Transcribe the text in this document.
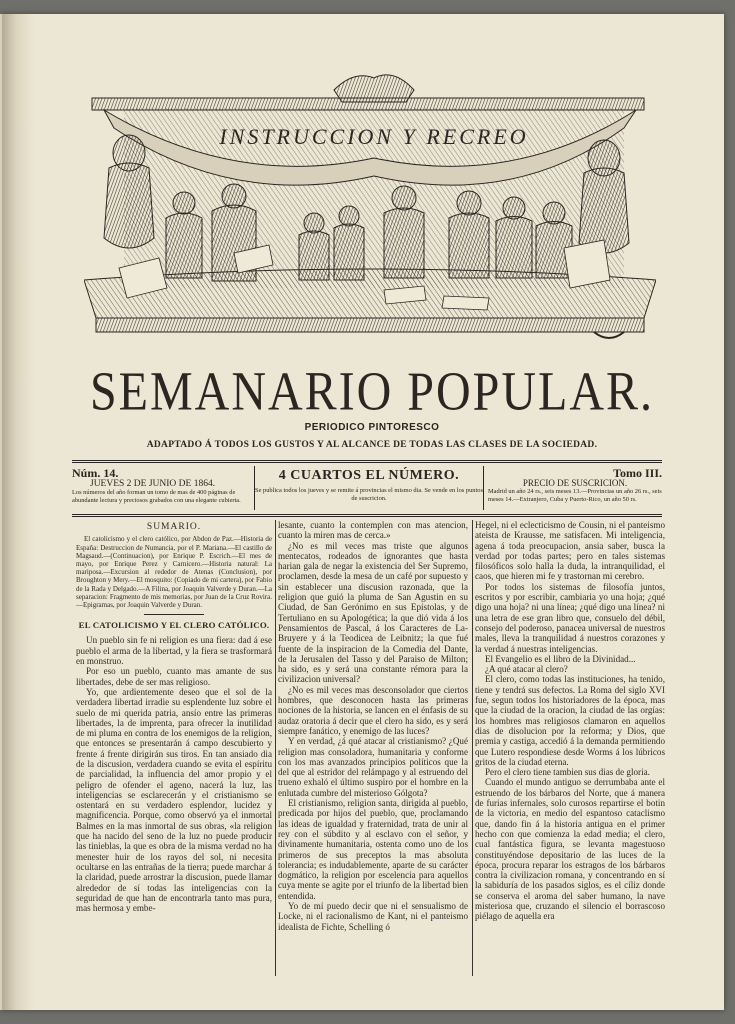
INSTRUCCION Y RECREO
SEMANARIO POPULAR.
PERIODICO PINTORESCO
ADAPTADO Á TODOS LOS GUSTOS Y AL ALCANCE DE TODAS LAS CLASES DE LA SOCIEDAD.
Núm. 14.
JUEVES 2 DE JUNIO DE 1864.
Los números del año forman un tomo de mas de 400 páginas de abundante lectura y preciosos grabados con una elegante cubierta.
4 CUARTOS EL NÚMERO.
Se publica todos los jueves y se remite á provincias el mismo dia. Se vende en los puntos de suscricion.
Tomo III.
PRECIO DE SUSCRICION.
Madrid un año 24 rs., seis meses 13.—Provincias un año 26 rs., seis meses 14.—Extranjero, Cuba y Puerto-Rico, un año 50 rs.
SUMARIO.
El catolicismo y el clero católico, por Abdon de Paz.—Historia de España: Destruccion de Numancia, por el P. Mariana.—El castillo de Magsaud.—(Continuacion), por Enrique P. Escrich.—El mes de mayo, por Enrique Perez y Carnicero.—Historia natural: La mariposa.—Excursion al rededor de Atenas (Conclusion), por Broughton y Mery.—El mosquito: (Copiado de mi cartera), por Fabio de la Rada y Delgado.—A Filina, por Joaquin Valverde y Duran.—La separacion: Fragmento de mis memorias, por Juan de la Cruz Rovira.—Epigramas, por Joaquin Valverde y Duran.
EL CATOLICISMO Y EL CLERO CATÓLICO.

Un pueblo sin fe ni religion es una fiera: dad á ese pueblo el arma de la libertad, y la fiera se trasformará en monstruo.

Por eso un pueblo, cuanto mas amante de sus libertades, debe de ser mas religioso.

Yo, que ardientemente deseo que el sol de la verdadera libertad irradie su esplendente luz sobre el suelo de mi querida patria, ansío entre las primeras libertades, la de imprenta, para ofrecer la inutilidad de mi pluma en contra de los enemigos de la religion, que entonces se presentarán á campo descubierto y frente á frente dirigirán sus tiros. En tan ansiado dia de la discusion, verdadera cuando se evita el espíritu de parcialidad, la influencia del amor propio y el peligro de ofender el ageno, nacerá la luz, las inteligencias se esclarecerán y el cristianismo se ostentará en su verdadero esplendor, lucidez y magnificencia. Porque, como observó ya el inmortal Balmes en la mas inmortal de sus obras, «la religion que ha nacido del seno de la luz no puede producir las tinieblas, la que es obra de la misma verdad no ha menester huir de los rayos del sol, ni necesita ocultarse en las entrañas de la tierra; puede marchar á la claridad, puede arrostrar la discusion, puede llamar alrededor de sí todas las inteligencias con la seguridad de que han de encontrarla tanto mas pura, mas hermosa y embe-

lesante, cuanto la contemplen con mas atencion, cuanto la miren mas de cerca.»

¿No es mil veces mas triste que algunos mentecatos, rodeados de ignorantes que hasta harian gala de negar la existencia del Ser Supremo, proclamen, desde la mesa de un café por supuesto y sin establecer una discusion razonada, que la religion que guió la pluma de San Agustin en su Ciudad, de San Gerónimo en sus Epístolas, y de Tertuliano en su Apologética; la que dió vida á los Pensamientos de Pascal, á los Caracteres de La-Bruyere y á la Teodicea de Leibnitz; la que fué fuente de la inspiracion de la Comedia del Dante, de la Jerusalen del Tasso y del Paraiso de Milton; ha sido, es y será una constante rémora para la civilizacion universal?

¿No es mil veces mas desconsolador que ciertos hombres, que desconocen hasta las primeras nociones de la historia, se lancen en el énfasis de su audaz oratoria á decir que el clero ha sido, es y será siempre fanático, y enemigo de las luces?

Y en verdad, ¿á qué atacar al cristianismo? ¿Qué religion mas consoladora, humanitaria y conforme con los mas avanzados principios políticos que la del que al estridor del relámpago y al estruendo del trueno exhaló el último suspiro por el hombre en la enlutada cumbre del misterioso Gólgota?

El cristianismo, religion santa, dirigida al pueblo, predicada por hijos del pueblo, que, proclamando las ideas de igualdad y fraternidad, trata de unir al rey con el súbdito y al esclavo con el señor, y divinamente humanitaria, ostenta como uno de los primeros de sus preceptos la mas absoluta tolerancia; es indudablemente, aparte de su carácter dogmático, la religion por escelencia para aquellos cuya mente se agite por el triunfo de la libertad bien entendida.

Yo de mí puedo decir que ni el sensualismo de Locke, ni el racionalismo de Kant, ni el panteismo idealista de Fichte, Schelling ó

Hegel, ni el eclecticismo de Cousin, ni el panteismo ateista de Krausse, me satisfacen. Mi inteligencia, agena á toda preocupacion, ansia saber, busca la verdad por todas partes; pero en tales sistemas filosóficos solo halla la duda, la intranquilidad, el caos, que hieren mi fe y trastornan mi cerebro.

Por todos los sistemas de filosofía juntos, escritos y por escribir, cambiaria yo una hoja; ¿qué digo una hoja? ni una línea; ¿qué digo una línea? ni una letra de ese gran libro que, consuelo del débil, consejo del poderoso, panacea universal de nuestros males, lleva la tranquilidad á nuestros corazones y la verdad á nuestras inteligencias.

El Evangelio es el libro de la Divinidad...

¿A qué atacar al clero?

El clero, como todas las instituciones, ha tenido, tiene y tendrá sus defectos. La Roma del siglo XVI fue, segun todos los historiadores de la época, mas que la ciudad de la oracion, la ciudad de las orgías: los hombres mas religiosos clamaron en aquellos dias de disolucion por la reforma; y Dios, que premia y castiga, accedió á la demanda permitiendo que Lutero respondiese desde Worms á los lúbricos gritos de la ciudad eterna.

Pero el clero tiene tambien sus dias de gloria.

Cuando el mundo antiguo se derrumbaba ante el estruendo de los bárbaros del Norte, que á manera de furias infernales, solo curosos repartirse el botin de la victoria, en medio del espantoso cataclismo que, dando fin á la historia antigua en el primer hecho con que comienza la edad media; el clero, cual fantástica figura, se levanta magestuoso constituyéndose depositario de las luces de la época, procura reparar los estragos de los bárbaros contra la civilizacion romana, y concentrando en sí la sabiduría de los pasados siglos, es el cíliz donde se conserva el aroma del saber humano, la nave misteriosa que, cruzando el silencio el borrascoso piélago de aquella era
